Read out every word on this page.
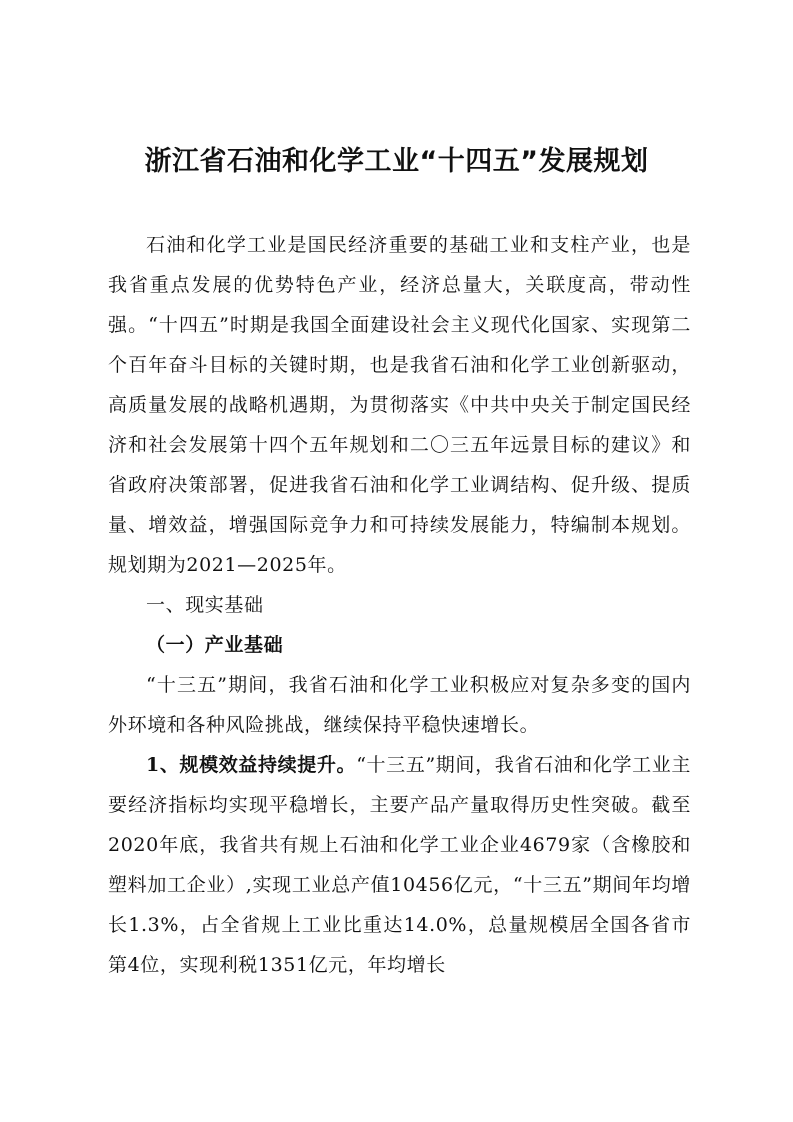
浙江省石油和化学工业“十四五”发展规划

石油和化学工业是国民经济重要的基础工业和支柱产业，也是我省重点发展的优势特色产业，经济总量大，关联度高，带动性强。“十四五”时期是我国全面建设社会主义现代化国家、实现第二个百年奋斗目标的关键时期，也是我省石油和化学工业创新驱动，高质量发展的战略机遇期，为贯彻落实《中共中央关于制定国民经济和社会发展第十四个五年规划和二〇三五年远景目标的建议》和省政府决策部署，促进我省石油和化学工业调结构、促升级、提质量、增效益，增强国际竞争力和可持续发展能力，特编制本规划。规划期为2021—2025年。

一、现实基础

（一）产业基础

“十三五”期间，我省石油和化学工业积极应对复杂多变的国内外环境和各种风险挑战，继续保持平稳快速增长。

1、规模效益持续提升。“十三五”期间，我省石油和化学工业主要经济指标均实现平稳增长，主要产品产量取得历史性突破。截至2020年底，我省共有规上石油和化学工业企业4679家（含橡胶和塑料加工企业）,实现工业总产值10456亿元，“十三五”期间年均增长1.3%，占全省规上工业比重达14.0%，总量规模居全国各省市第4位，实现利税1351亿元，年均增长
